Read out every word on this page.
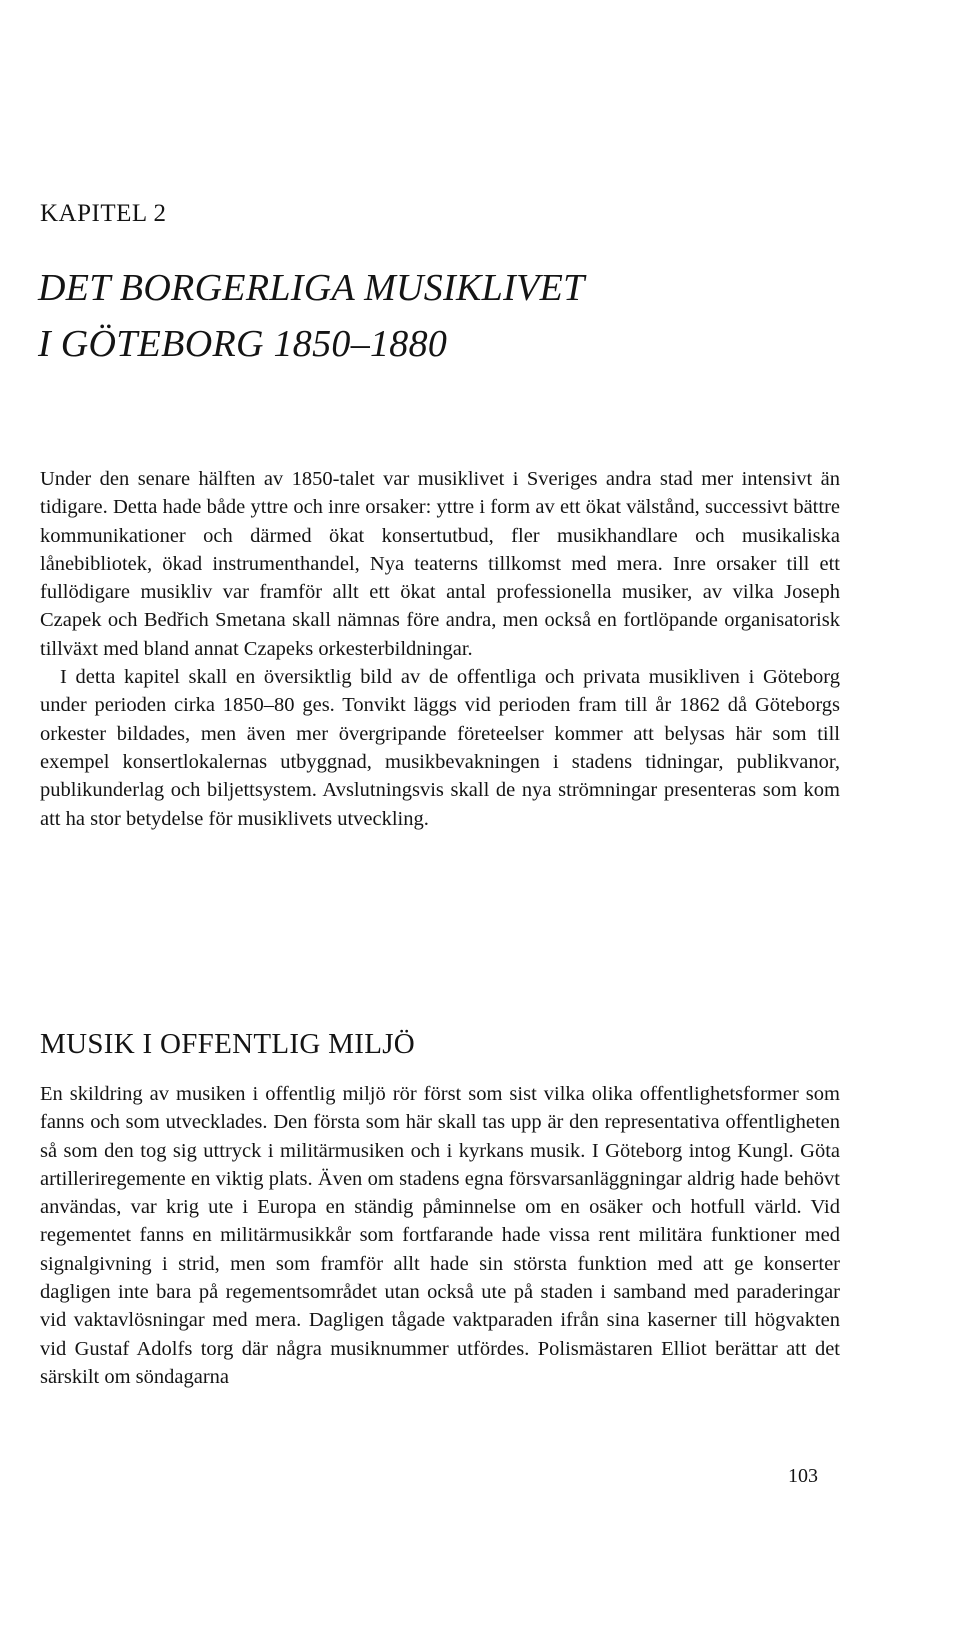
KAPITEL 2
DET BORGERLIGA MUSIKLIVET
I GÖTEBORG 1850–1880

Under den senare hälften av 1850-talet var musiklivet i Sveriges andra stad mer intensivt än tidigare. Detta hade både yttre och inre orsaker: yttre i form av ett ökat välstånd, successivt bättre kommunikationer och därmed ökat konsertutbud, fler musikhandlare och musikaliska lånebibliotek, ökad instrumenthandel, Nya teaterns tillkomst med mera. Inre orsaker till ett fullödigare musikliv var framför allt ett ökat antal professionella musiker, av vilka Joseph Czapek och Bedřich Smetana skall nämnas före andra, men också en fortlöpande organisatorisk tillväxt med bland annat Czapeks orkesterbildningar.

I detta kapitel skall en översiktlig bild av de offentliga och privata musikliven i Göteborg under perioden cirka 1850–80 ges. Tonvikt läggs vid perioden fram till år 1862 då Göteborgs orkester bildades, men även mer övergripande företeelser kommer att belysas här som till exempel konsertlokalernas utbyggnad, musikbevakningen i stadens tidningar, publikvanor, publikunderlag och biljettsystem. Avslutningsvis skall de nya strömningar presenteras som kom att ha stor betydelse för musiklivets utveckling.

MUSIK I OFFENTLIG MILJÖ

En skildring av musiken i offentlig miljö rör först som sist vilka olika offentlighetsformer som fanns och som utvecklades. Den första som här skall tas upp är den representativa offentligheten så som den tog sig uttryck i militärmusiken och i kyrkans musik. I Göteborg intog Kungl. Göta artilleriregemente en viktig plats. Även om stadens egna försvarsanläggningar aldrig hade behövt användas, var krig ute i Europa en ständig påminnelse om en osäker och hotfull värld. Vid regementet fanns en militärmusikkår som fortfarande hade vissa rent militära funktioner med signalgivning i strid, men som framför allt hade sin största funktion med att ge konserter dagligen inte bara på regementsområdet utan också ute på staden i samband med paraderingar vid vaktavlösningar med mera. Dagligen tågade vaktparaden ifrån sina kaserner till högvakten vid Gustaf Adolfs torg där några musiknummer utfördes. Polismästaren Elliot berättar att det särskilt om söndagarna

103
